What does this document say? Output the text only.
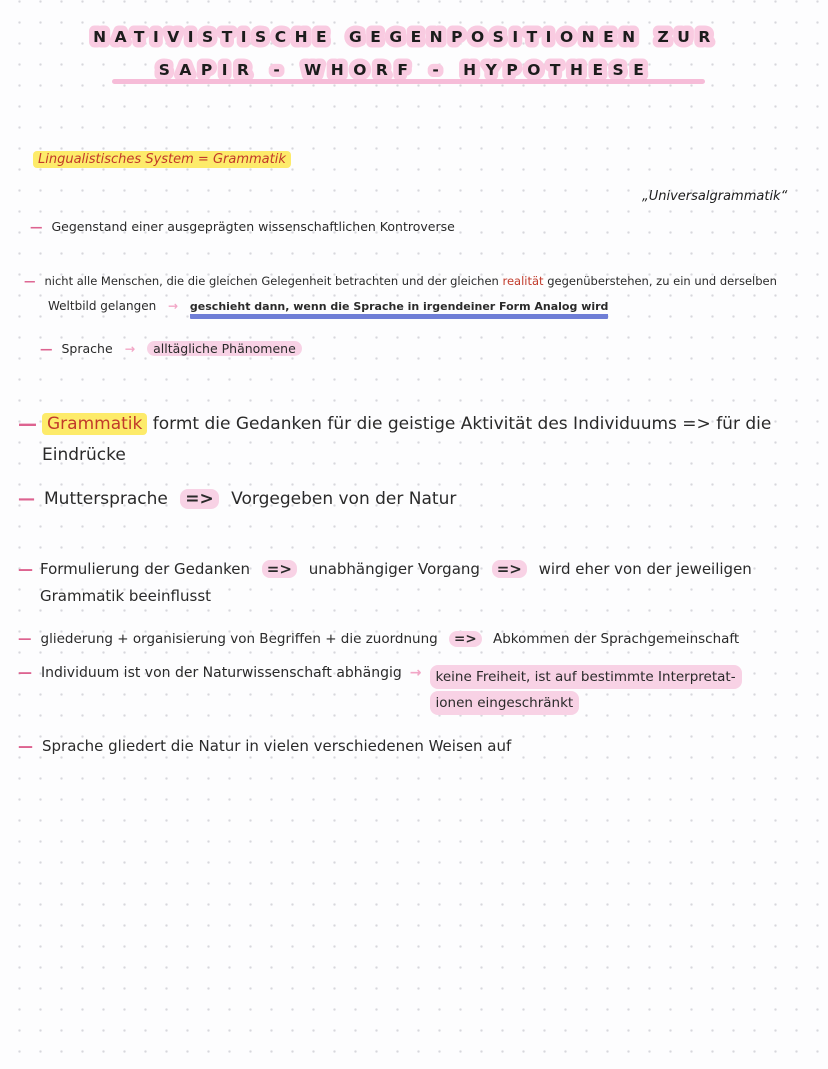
NATIVISTISCHE GEGENPOSITIONEN ZUR
SAPIR - WHORF - HYPOTHESE
Lingualistisches System = Grammatik
„Universalgrammatik“
— Gegenstand einer ausgeprägten wissenschaftlichen Kontroverse
— nicht alle Menschen, die die gleichen Gelegenheit betrachten und der gleichen realität gegenüberstehen, zu ein und derselben
Weltbild gelangen → geschieht dann, wenn die Sprache in irgendeiner Form Analog wird
— Sprache → alltägliche Phänomene
— Grammatik formt die Gedanken für die geistige Aktivität des Individuums => für die Eindrücke
— Muttersprache => Vorgegeben von der Natur
— Formulierung der Gedanken => unabhängiger Vorgang => wird eher von der jeweiligen Grammatik beeinflusst
— gliederung + organisierung von Begriffen + die zuordnung => Abkommen der Sprachgemeinschaft
— Individuum ist von der Naturwissenschaft abhängig →	keine Freiheit, ist auf bestimmte Interpretat- ionen eingeschränkt
— Sprache gliedert die Natur in vielen verschiedenen Weisen auf
